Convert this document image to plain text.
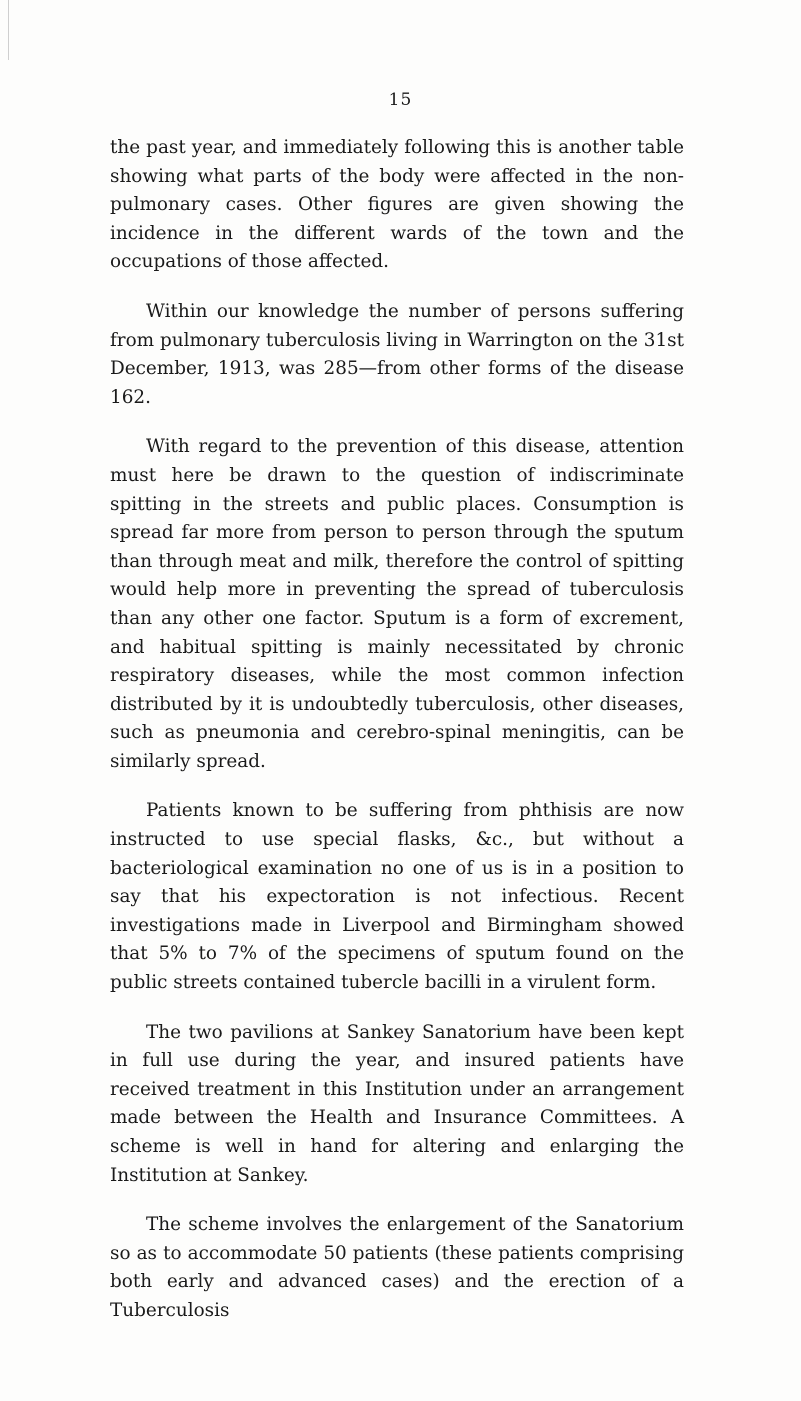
15

the past year, and immediately following this is another table showing what parts of the body were affected in the non- pulmonary cases. Other figures are given showing the incidence in the different wards of the town and the occupations of those affected.

Within our knowledge the number of persons suffering from pulmonary tuberculosis living in Warrington on the 31st December, 1913, was 285—from other forms of the disease 162.

With regard to the prevention of this disease, attention must here be drawn to the question of indiscriminate spitting in the streets and public places. Consumption is spread far more from person to person through the sputum than through meat and milk, therefore the control of spitting would help more in preventing the spread of tuberculosis than any other one factor. Sputum is a form of excrement, and habitual spitting is mainly necessitated by chronic respiratory diseases, while the most common infection distributed by it is undoubtedly tuberculosis, other diseases, such as pneumonia and cerebro-spinal meningitis, can be similarly spread.

Patients known to be suffering from phthisis are now instructed to use special flasks, &c., but without a bacteriological examination no one of us is in a position to say that his expectoration is not infectious. Recent investigations made in Liverpool and Birmingham showed that 5% to 7% of the specimens of sputum found on the public streets contained tubercle bacilli in a virulent form.

The two pavilions at Sankey Sanatorium have been kept in full use during the year, and insured patients have received treatment in this Institution under an arrangement made between the Health and Insurance Committees. A scheme is well in hand for altering and enlarging the Institution at Sankey.

The scheme involves the enlargement of the Sanatorium so as to accommodate 50 patients (these patients comprising both early and advanced cases) and the erection of a Tuberculosis
